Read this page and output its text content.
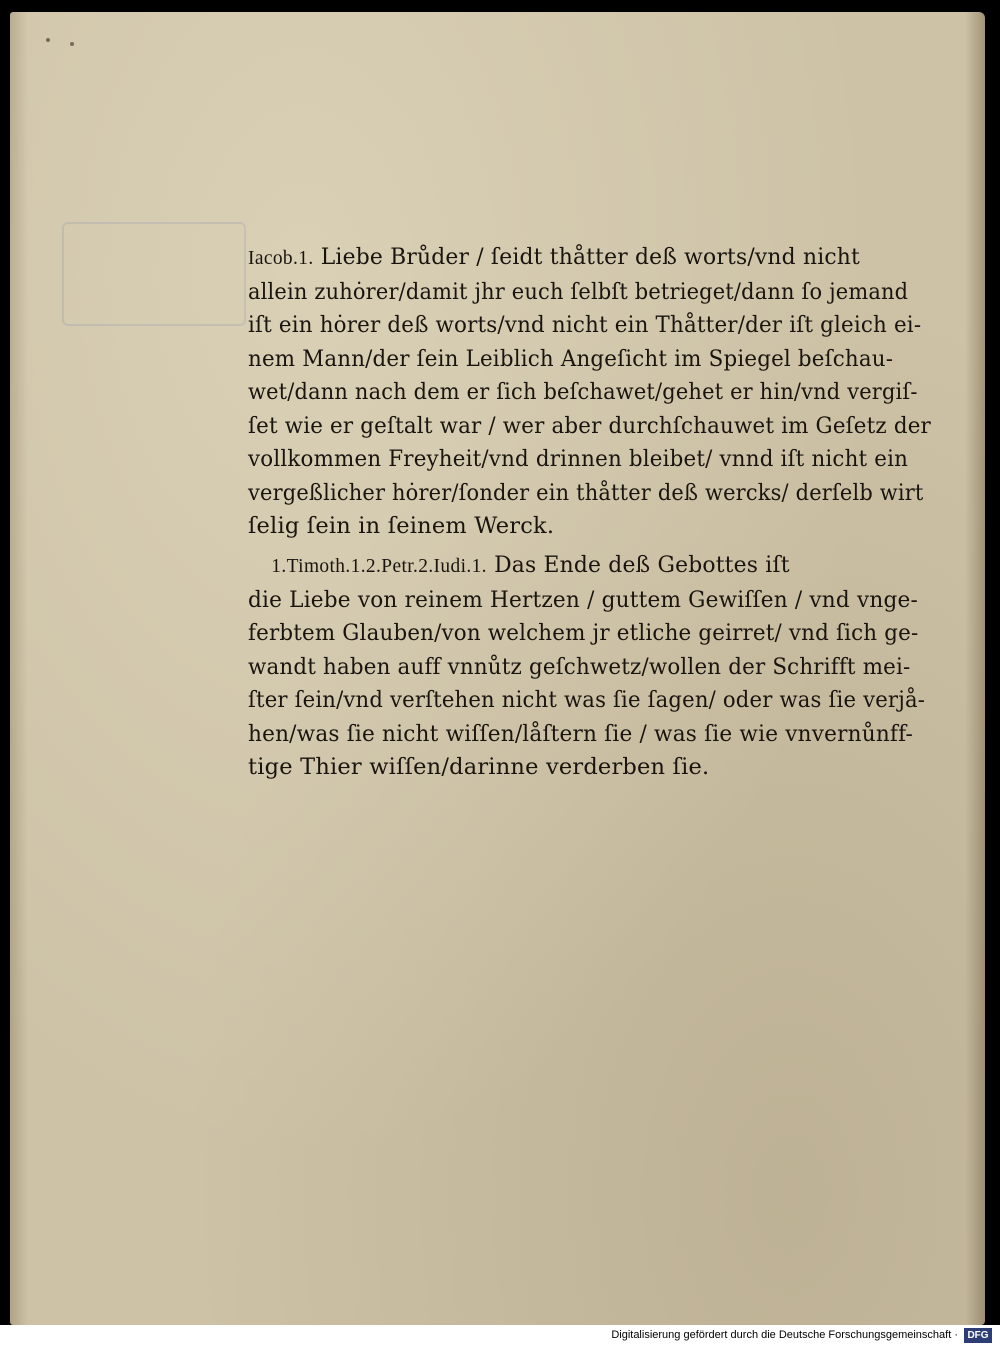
Iacob.1. Liebe Brůder / ſeidt thåtter deß worts/vnd nicht
allein zuhȯrer/damit jhr euch ſelbſt betrieget/dann ſo jemand
iſt ein hȯrer deß worts/vnd nicht ein Thåtter/der iſt gleich ei-
nem Mann/der ſein Leiblich Angeſicht im Spiegel beſchau-
wet/dann nach dem er ſich beſchawet/gehet er hin/vnd vergiſ-
ſet wie er geſtalt war / wer aber durchſchauwet im Geſetz der
vollkommen Freyheit/vnd drinnen bleibet/ vnnd iſt nicht ein
vergeßlicher hȯrer/ſonder ein thåtter deß wercks/ derſelb wirt
ſelig ſein in ſeinem Werck.
1.Timoth.1.2.Petr.2.Iudi.1. Das Ende deß Gebottes iſt
die Liebe von reinem Hertzen / guttem Gewiſſen / vnd vnge-
ferbtem Glauben/von welchem jr etliche geirret/ vnd ſich ge-
wandt haben auff vnnůtz geſchwetz/wollen der Schrifft mei-
ſter ſein/vnd verſtehen nicht was ſie ſagen/ oder was ſie verjå-
hen/was ſie nicht wiſſen/låſtern ſie / was ſie wie vnvernůnff-
tige Thier wiſſen/darinne verderben ſie.
Digitalisierung gefördert durch die Deutsche Forschungsgemeinschaft · DFG
